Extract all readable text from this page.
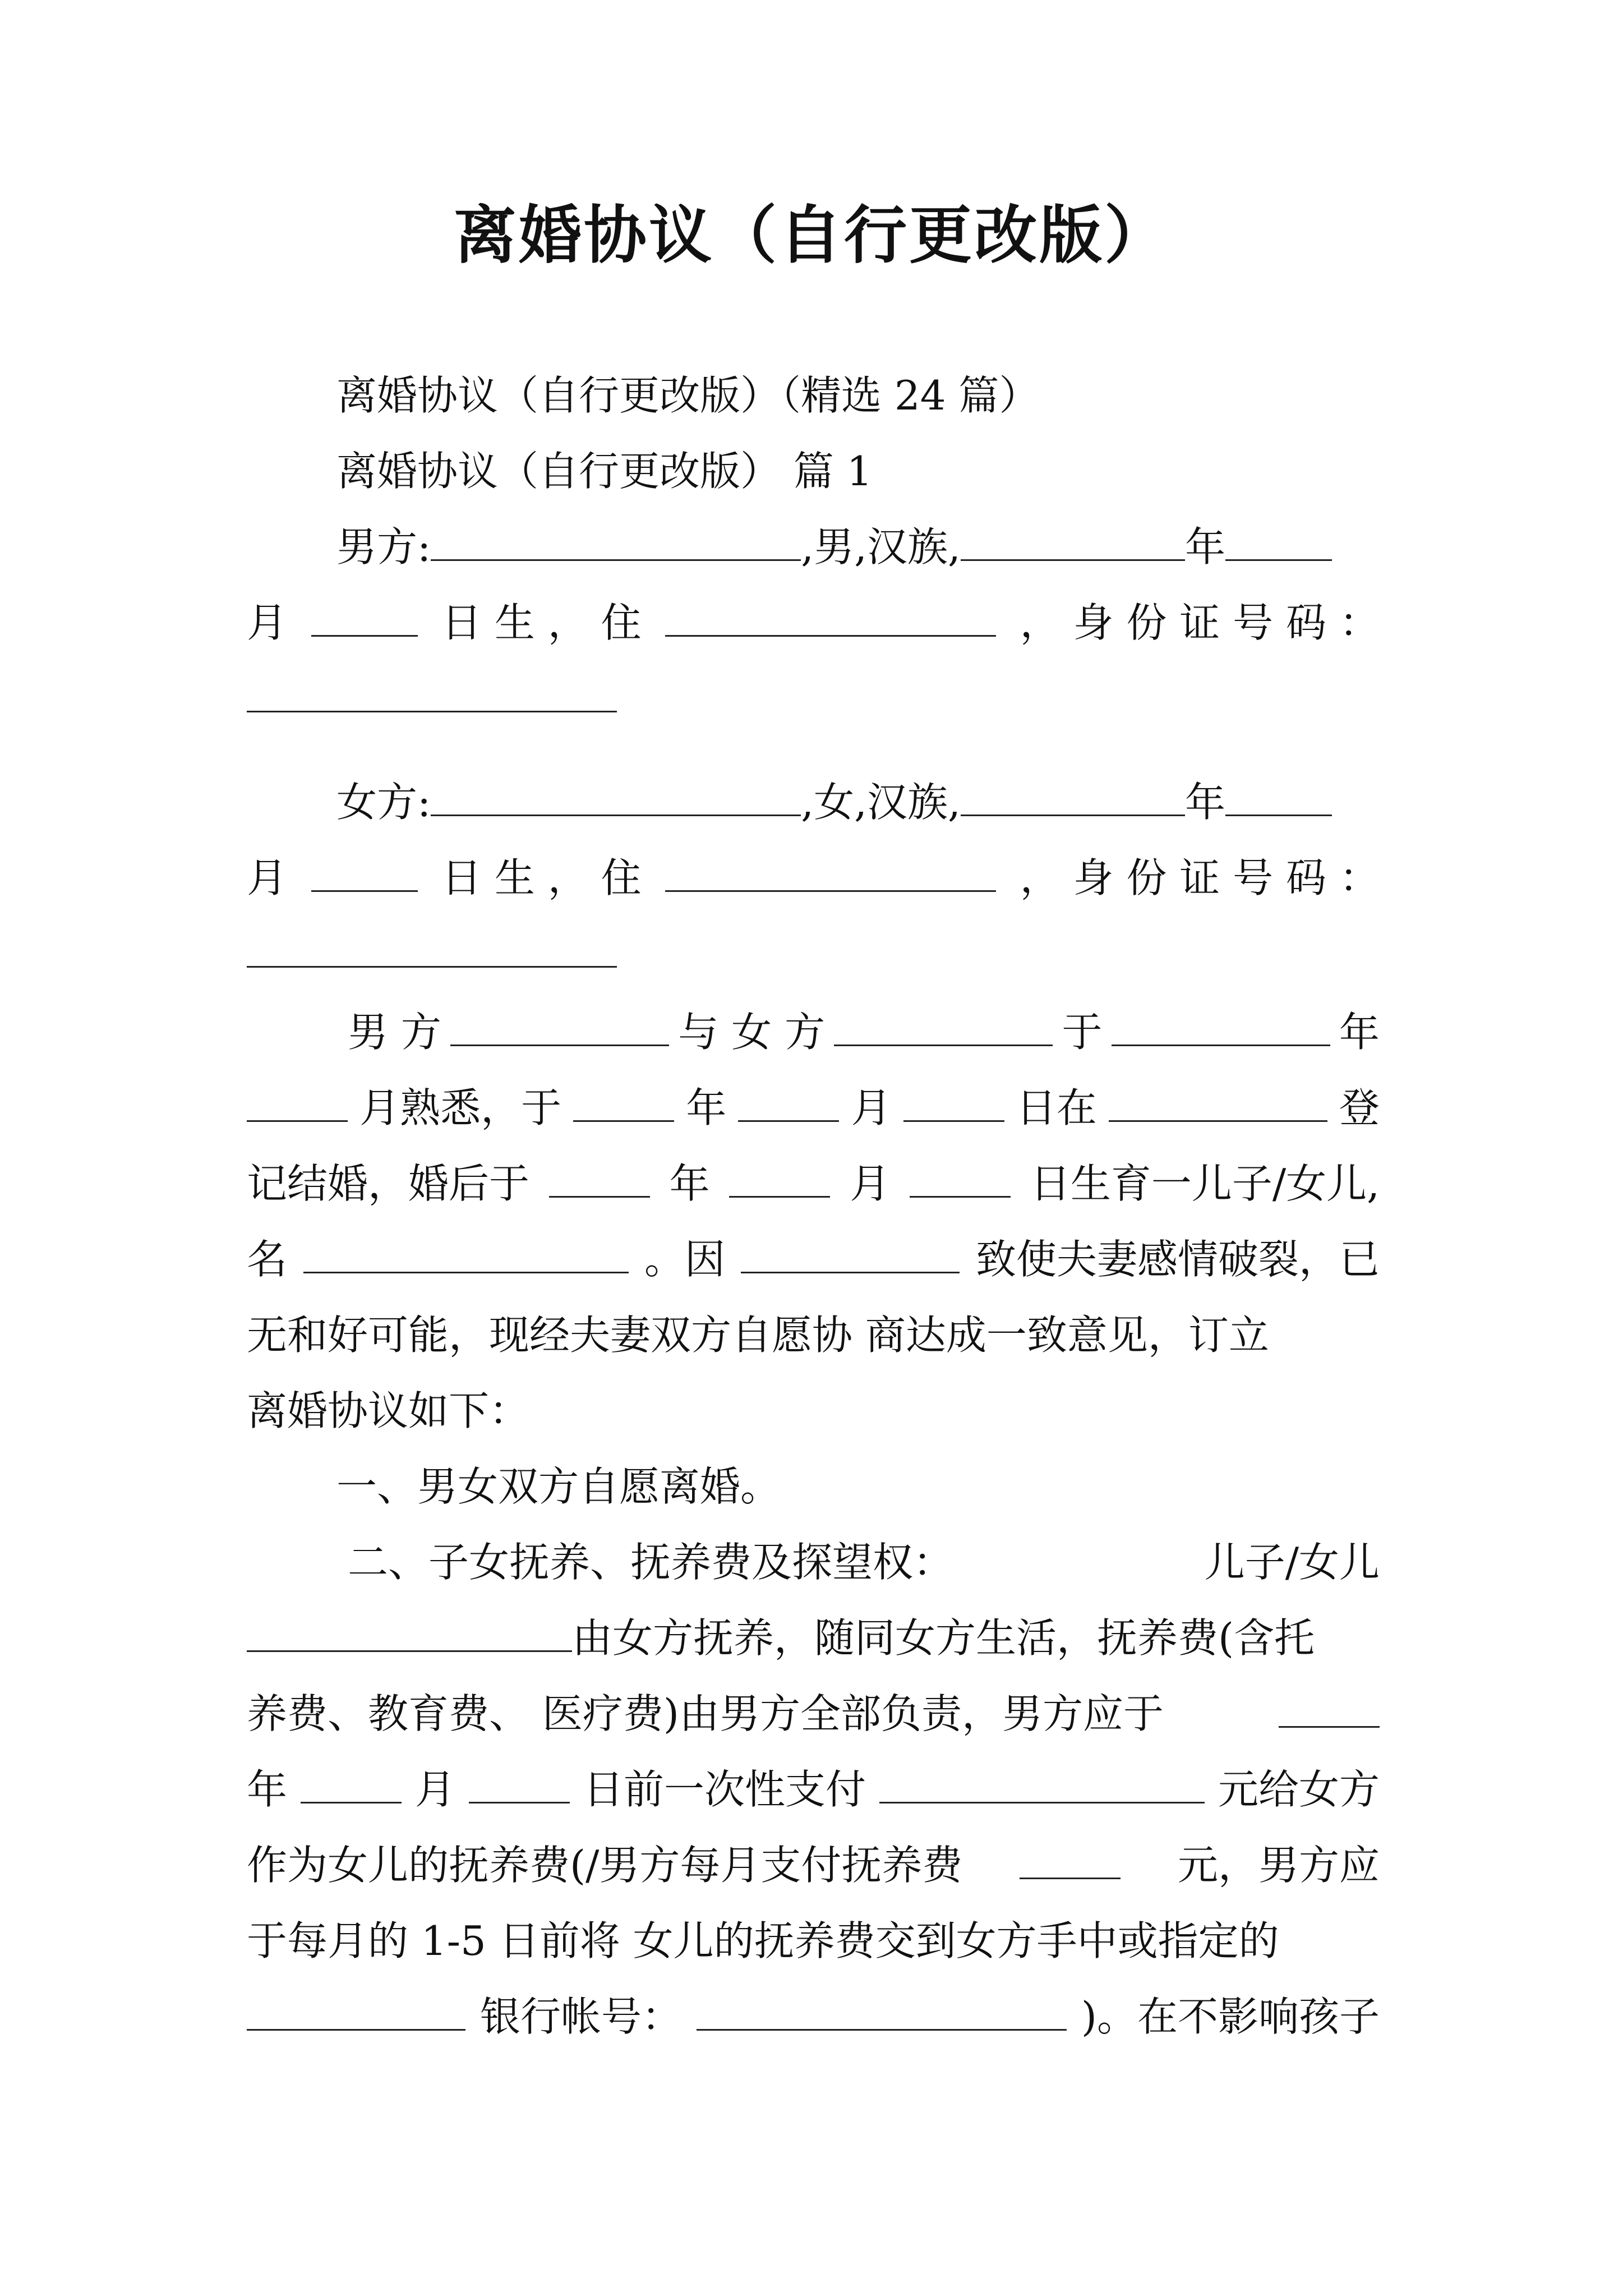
离婚协议（自行更改版）
离婚协议（自行更改版）（精选 24 篇）
离婚协议（自行更改版） 篇 1
男方:	,男,汉族,	年
月	日 生 ， 住	， 身 份 证 号 码 ：
女方:	,女,汉族,	年
月	日 生 ， 住	， 身 份 证 号 码 ：
男 方	与 女 方	于	年
月熟悉，于	年	月	日在	登
记结婚，婚后于	年	月	日生育一儿子/女儿,
名	。因	致使夫妻感情破裂，已
无和好可能，现经夫妻双方自愿协 商达成一致意见，订立
离婚协议如下：
一、男女双方自愿离婚。
二、子女抚养、抚养费及探望权：	儿子/女儿
由女方抚养，随同女方生活，抚养费(含托
养费、教育费、 医疗费)由男方全部负责，男方应于
年	月	日前一次性支付	元给女方
作为女儿的抚养费(/男方每月支付抚养费	元，男方应
于每月的 1-5 日前将 女儿的抚养费交到女方手中或指定的
银行帐号：	)。在不影响孩子
